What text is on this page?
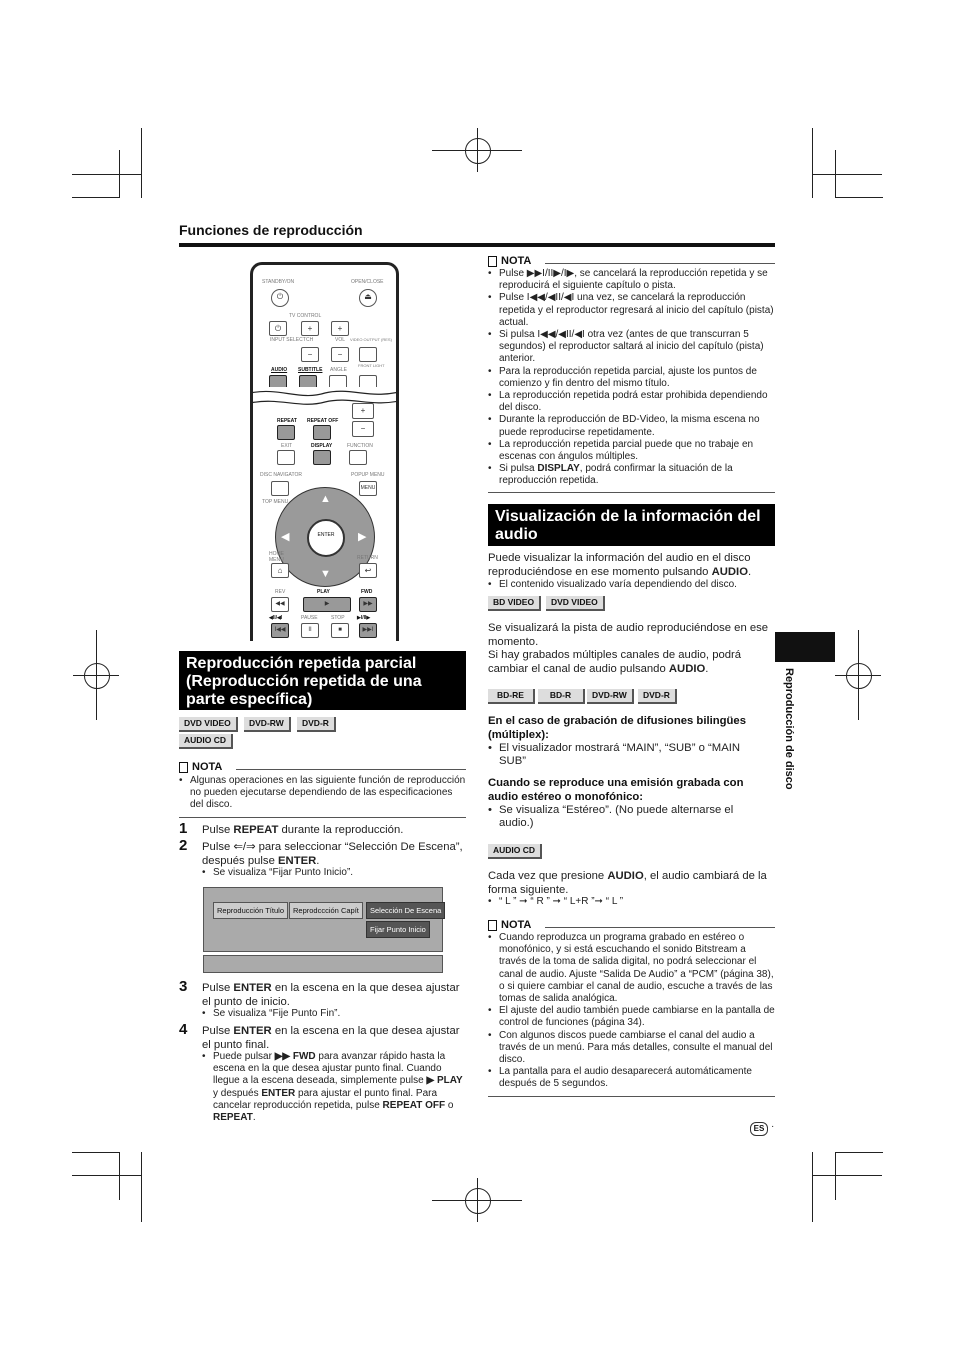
Funciones de reproducción
STANDBY/ON	OPEN/CLOSE
⏻	⏏
TV CONTROL
⏻	+	+
INPUT SELECT CH	VOL VIDEO OUTPUT (RES)
−	−
AUDIO SUBTITLE ANGLE
FRONT LIGHT
+
−
REPEAT REPEAT OFF
EXIT	DISPLAY	FUNCTION
DISC NAVIGATOR	POPUP MENU
MENU
TOP MENU	▲
▼
◀	▶
ENTER
HOME MENU	RETURN
⌂	↩
REV	PLAY	FWD
◀◀	▶	▶▶
◀II/◀I	PAUSE	STOP ▶I/II▶
I◀◀	II	■	▶▶I
Reproducción repetida parcial (Reproducción repetida de una parte específica)
DVD VIDEO	DVD-RW	DVD-R
AUDIO CD
NOTA
• Algunas operaciones en las siguiente función de reproducción no pueden ejecutarse dependiendo de las especificaciones del disco.
1 Pulse REPEAT durante la reproducción.
2 Pulse ⇐/⇒ para seleccionar “Selección De Escena”, después pulse ENTER.
• Se visualiza “Fijar Punto Inicio”.
Reproducción Título	Reprodccción Capít	Selección De Escena
Fijar Punto Inicio
3 Pulse ENTER en la escena en la que desea ajustar el punto de inicio.
• Se visualiza “Fije Punto Fin”.
4 Pulse ENTER en la escena en la que desea ajustar el punto final.
• Puede pulsar ▶▶ FWD para avanzar rápido hasta la escena en la que desea ajustar punto final. Cuando llegue a la escena deseada, simplemente pulse ▶ PLAY y después ENTER para ajustar el punto final. Para cancelar reproducción repetida, pulse REPEAT OFF o REPEAT.
NOTA
• Pulse ▶▶I/II▶/I▶, se cancelará la reproducción repetida y se reproducirá el siguiente capítulo o pista.
• Pulse I◀◀/◀II/◀I una vez, se cancelará la reproducción repetida y el reproductor regresará al inicio del capítulo (pista) actual.
• Si pulsa I◀◀/◀II/◀I otra vez (antes de que transcurran 5 segundos) el reproductor saltará al inicio del capítulo (pista) anterior.
• Para la reproducción repetida parcial, ajuste los puntos de comienzo y fin dentro del mismo título.
• La reproducción repetida podrá estar prohibida dependiendo del disco.
• Durante la reproducción de BD-Video, la misma escena no puede reproducirse repetidamente.
• La reproducción repetida parcial puede que no trabaje en escenas con ángulos múltiples.
• Si pulsa DISPLAY, podrá confirmar la situación de la reproducción repetida.
Visualización de la información del audio
Puede visualizar la información del audio en el disco reproduciéndose en ese momento pulsando AUDIO.
• El contenido visualizado varía dependiendo del disco.
BD VIDEO	DVD VIDEO
Se visualizará la pista de audio reproduciéndose en ese momento.
Si hay grabados múltiples canales de audio, podrá cambiar el canal de audio pulsando AUDIO.
BD-RE	BD-R	DVD-RW	DVD-R
En el caso de grabación de difusiones bilingües (múltiplex):
• El visualizador mostrará “MAIN”, “SUB” o “MAIN SUB”
Cuando se reproduce una emisión grabada con audio estéreo o monofónico:
• Se visualiza “Estéreo”. (No puede alternarse el audio.)
AUDIO CD
Cada vez que presione AUDIO, el audio cambiará de la forma siguiente.
• “ L ” ➞ “ R ” ➞ “ L+R ”➞ “ L ”
NOTA
• Cuando reproduzca un programa grabado en estéreo o monofónico, y si está escuchando el sonido Bitstream a través de la toma de salida digital, no podrá seleccionar el canal de audio. Ajuste “Salida De Audio” a “PCM” (página 38), o si quiere cambiar el canal de audio, escuche a través de las tomas de salida analógica.
• El ajuste del audio también puede cambiarse en la pantalla de control de funciones (página 34).
• Con algunos discos puede cambiarse el canal del audio a través de un menú. Para más detalles, consulte el manual del disco.
• La pantalla para el audio desaparecerá automáticamente después de 5 segundos.
Reproducción de disco
ES ·
